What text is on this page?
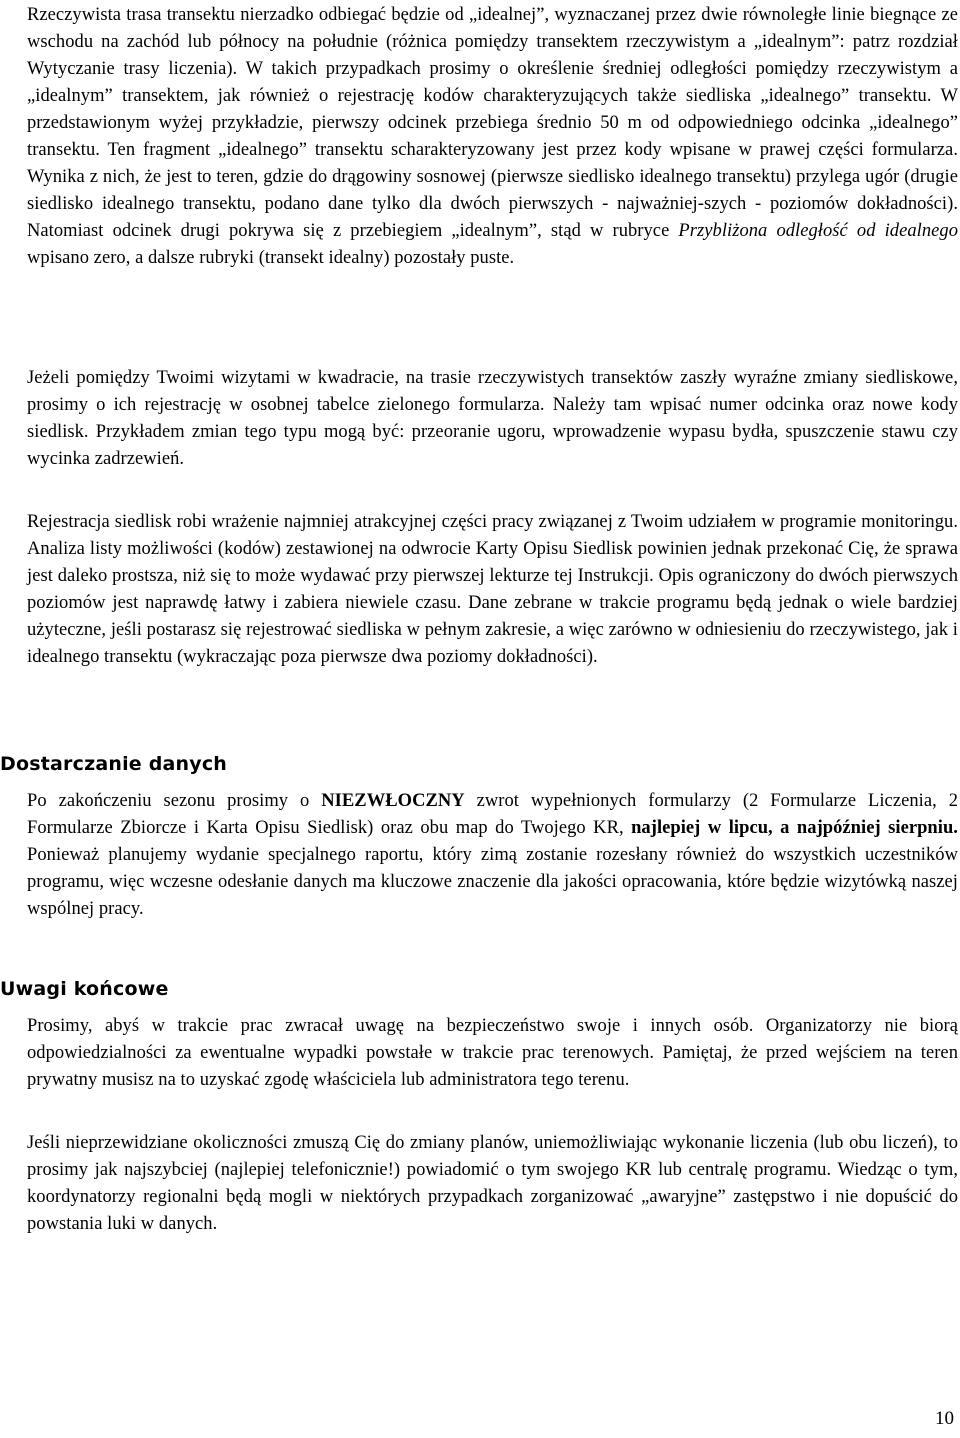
Rzeczywista trasa transektu nierzadko odbiegać będzie od „idealnej”, wyznaczanej przez dwie równoległe linie biegnące ze wschodu na zachód lub północy na południe (różnica pomiędzy transektem rzeczywistym a „idealnym”: patrz rozdział Wytyczanie trasy liczenia). W takich przypadkach prosimy o określenie średniej odległości pomiędzy rzeczywistym a „idealnym” transektem, jak również o rejestrację kodów charakteryzujących także siedliska „idealnego” transektu. W przedstawionym wyżej przykładzie, pierwszy odcinek przebiega średnio 50 m od odpowiedniego odcinka „idealnego” transektu. Ten fragment „idealnego” transektu scharakteryzowany jest przez kody wpisane w prawej części formularza. Wynika z nich, że jest to teren, gdzie do drągowiny sosnowej (pierwsze siedlisko idealnego transektu) przylega ugór (drugie siedlisko idealnego transektu, podano dane tylko dla dwóch pierwszych - najważniej-szych - poziomów dokładności). Natomiast odcinek drugi pokrywa się z przebiegiem „idealnym”, stąd w rubryce Przybliżona odległość od idealnego wpisano zero, a dalsze rubryki (transekt idealny) pozostały puste.

Jeżeli pomiędzy Twoimi wizytami w kwadracie, na trasie rzeczywistych transektów zaszły wyraźne zmiany siedliskowe, prosimy o ich rejestrację w osobnej tabelce zielonego formularza. Należy tam wpisać numer odcinka oraz nowe kody siedlisk. Przykładem zmian tego typu mogą być: przeoranie ugoru, wprowadzenie wypasu bydła, spuszczenie stawu czy wycinka zadrzewień.

Rejestracja siedlisk robi wrażenie najmniej atrakcyjnej części pracy związanej z Twoim udziałem w programie monitoringu. Analiza listy możliwości (kodów) zestawionej na odwrocie Karty Opisu Siedlisk powinien jednak przekonać Cię, że sprawa jest daleko prostsza, niż się to może wydawać przy pierwszej lekturze tej Instrukcji. Opis ograniczony do dwóch pierwszych poziomów jest naprawdę łatwy i zabiera niewiele czasu. Dane zebrane w trakcie programu będą jednak o wiele bardziej użyteczne, jeśli postarasz się rejestrować siedliska w pełnym zakresie, a więc zarówno w odniesieniu do rzeczywistego, jak i idealnego transektu (wykraczając poza pierwsze dwa poziomy dokładności).

Dostarczanie danych

Po zakończeniu sezonu prosimy o NIEZWŁOCZNY zwrot wypełnionych formularzy (2 Formularze Liczenia, 2 Formularze Zbiorcze i Karta Opisu Siedlisk) oraz obu map do Twojego KR, najlepiej w lipcu, a najpóźniej sierpniu. Ponieważ planujemy wydanie specjalnego raportu, który zimą zostanie rozesłany również do wszystkich uczestników programu, więc wczesne odesłanie danych ma kluczowe znaczenie dla jakości opracowania, które będzie wizytówką naszej wspólnej pracy.

Uwagi końcowe

Prosimy, abyś w trakcie prac zwracał uwagę na bezpieczeństwo swoje i innych osób. Organizatorzy nie biorą odpowiedzialności za ewentualne wypadki powstałe w trakcie prac terenowych. Pamiętaj, że przed wejściem na teren prywatny musisz na to uzyskać zgodę właściciela lub administratora tego terenu.

Jeśli nieprzewidziane okoliczności zmuszą Cię do zmiany planów, uniemożliwiając wykonanie liczenia (lub obu liczeń), to prosimy jak najszybciej (najlepiej telefonicznie!) powiadomić o tym swojego KR lub centralę programu. Wiedząc o tym, koordynatorzy regionalni będą mogli w niektórych przypadkach zorganizować „awaryjne” zastępstwo i nie dopuścić do powstania luki w danych.

10
